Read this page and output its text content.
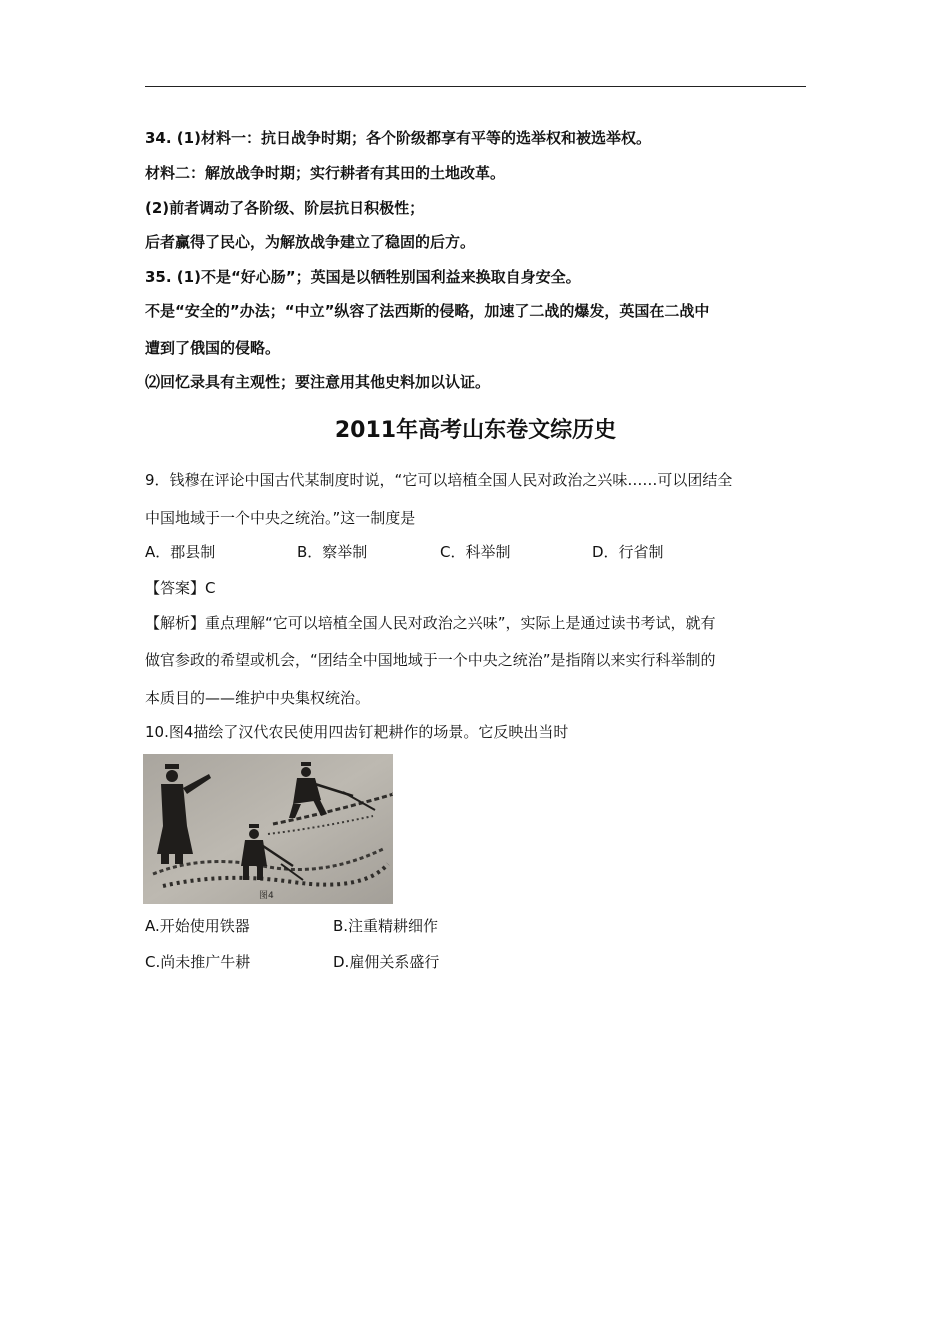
34. (1)材料一：抗日战争时期；各个阶级都享有平等的选举权和被选举权。
材料二：解放战争时期；实行耕者有其田的土地改革。
(2)前者调动了各阶级、阶层抗日积极性；
后者赢得了民心，为解放战争建立了稳固的后方。
35. (1)不是“好心肠”；英国是以牺牲别国利益来换取自身安全。
不是“安全的”办法；“中立”纵容了法西斯的侵略，加速了二战的爆发，英国在二战中
遭到了俄国的侵略。
⑵回忆录具有主观性；要注意用其他史料加以认证。
2011年高考山东卷文综历史
9．钱穆在评论中国古代某制度时说，“它可以培植全国人民对政治之兴味……可以团结全
中国地域于一个中央之统治。”这一制度是
A．郡县制	B．察举制	C．科举制	D．行省制
【答案】C
【解析】重点理解“它可以培植全国人民对政治之兴味”，实际上是通过读书考试，就有
做官参政的希望或机会，“团结全中国地域于一个中央之统治”是指隋以来实行科举制的
本质目的——维护中央集权统治。
10.图4描绘了汉代农民使用四齿钉耙耕作的场景。它反映出当时
图4
A.开始使用铁器	B.注重精耕细作
C.尚未推广牛耕	D.雇佣关系盛行
